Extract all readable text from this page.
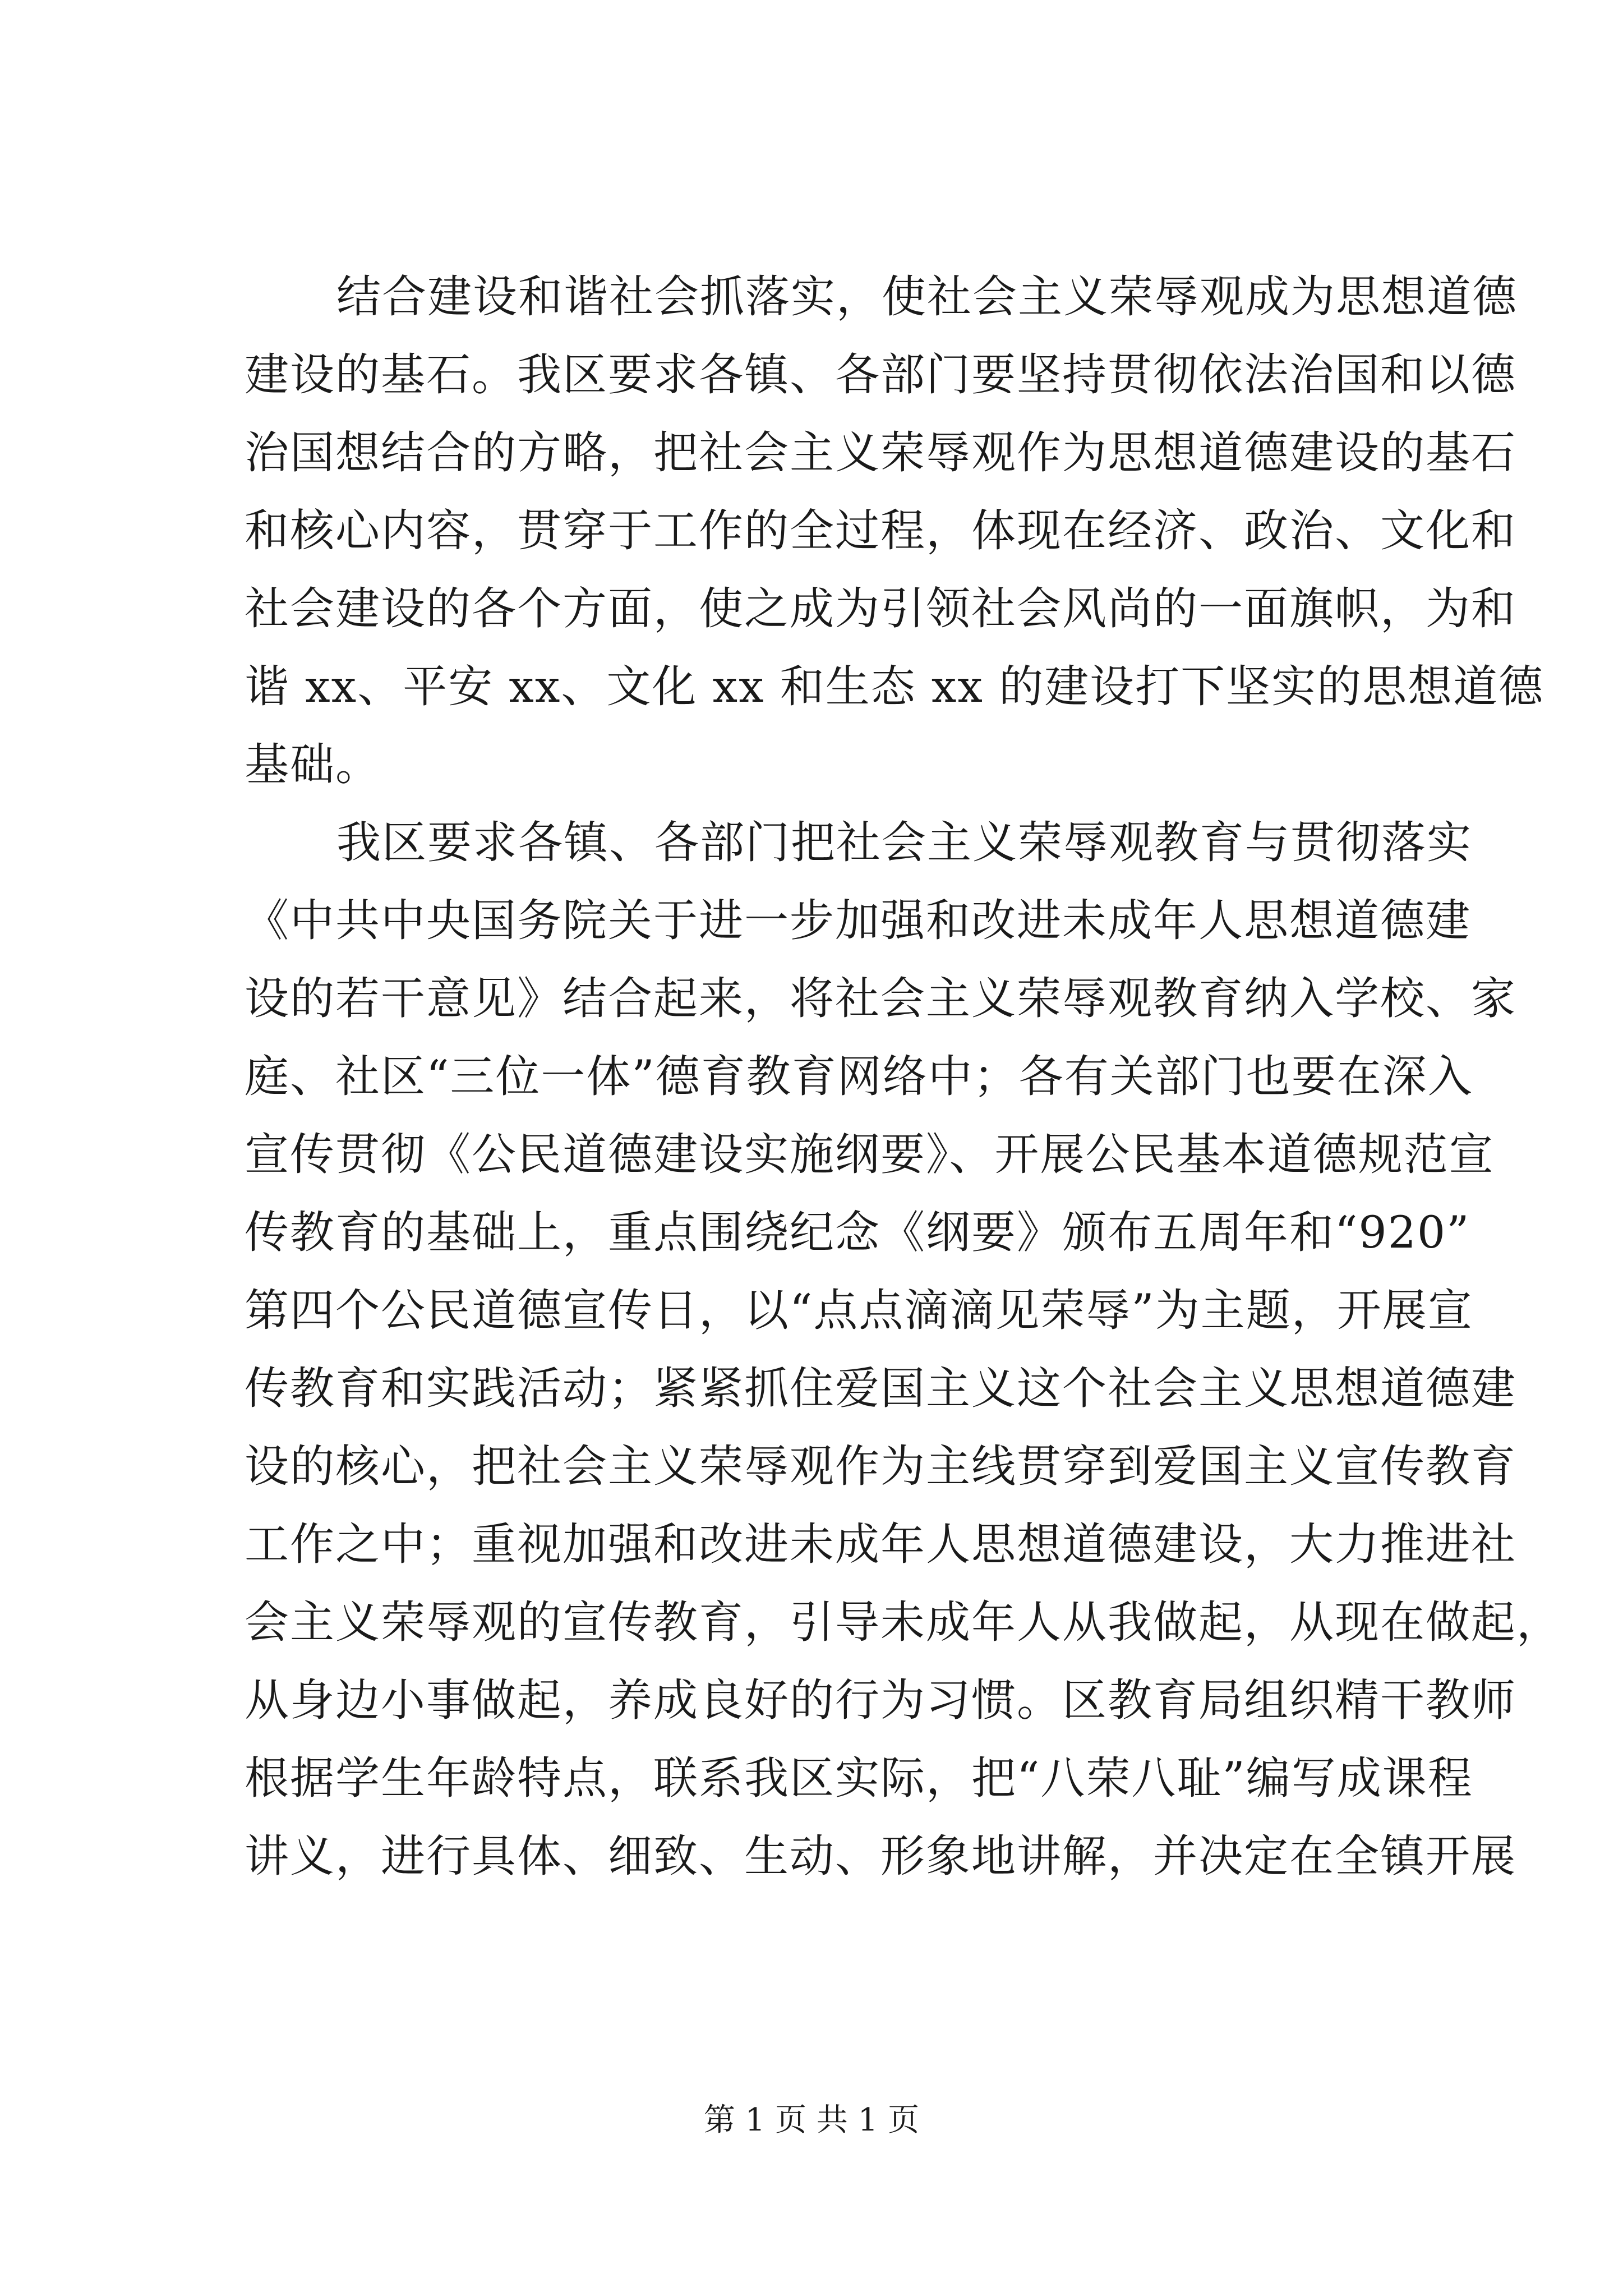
结合建设和谐社会抓落实，使社会主义荣辱观成为思想道德
建设的基石。我区要求各镇、各部门要坚持贯彻依法治国和以德
治国想结合的方略，把社会主义荣辱观作为思想道德建设的基石
和核心内容，贯穿于工作的全过程，体现在经济、政治、文化和
社会建设的各个方面，使之成为引领社会风尚的一面旗帜，为和
谐 xx、平安 xx、文化 xx 和生态 xx 的建设打下坚实的思想道德
基础。
我区要求各镇、各部门把社会主义荣辱观教育与贯彻落实
《中共中央国务院关于进一步加强和改进未成年人思想道德建
设的若干意见》结合起来，将社会主义荣辱观教育纳入学校、家
庭、社区“三位一体”德育教育网络中；各有关部门也要在深入
宣传贯彻《公民道德建设实施纲要》、开展公民基本道德规范宣
传教育的基础上，重点围绕纪念《纲要》颁布五周年和“920”
第四个公民道德宣传日，以“点点滴滴见荣辱”为主题，开展宣
传教育和实践活动；紧紧抓住爱国主义这个社会主义思想道德建
设的核心，把社会主义荣辱观作为主线贯穿到爱国主义宣传教育
工作之中；重视加强和改进未成年人思想道德建设，大力推进社
会主义荣辱观的宣传教育，引导未成年人从我做起，从现在做起，
从身边小事做起，养成良好的行为习惯。区教育局组织精干教师
根据学生年龄特点，联系我区实际，把“八荣八耻”编写成课程
讲义，进行具体、细致、生动、形象地讲解，并决定在全镇开展
第 1 页 共 1 页
